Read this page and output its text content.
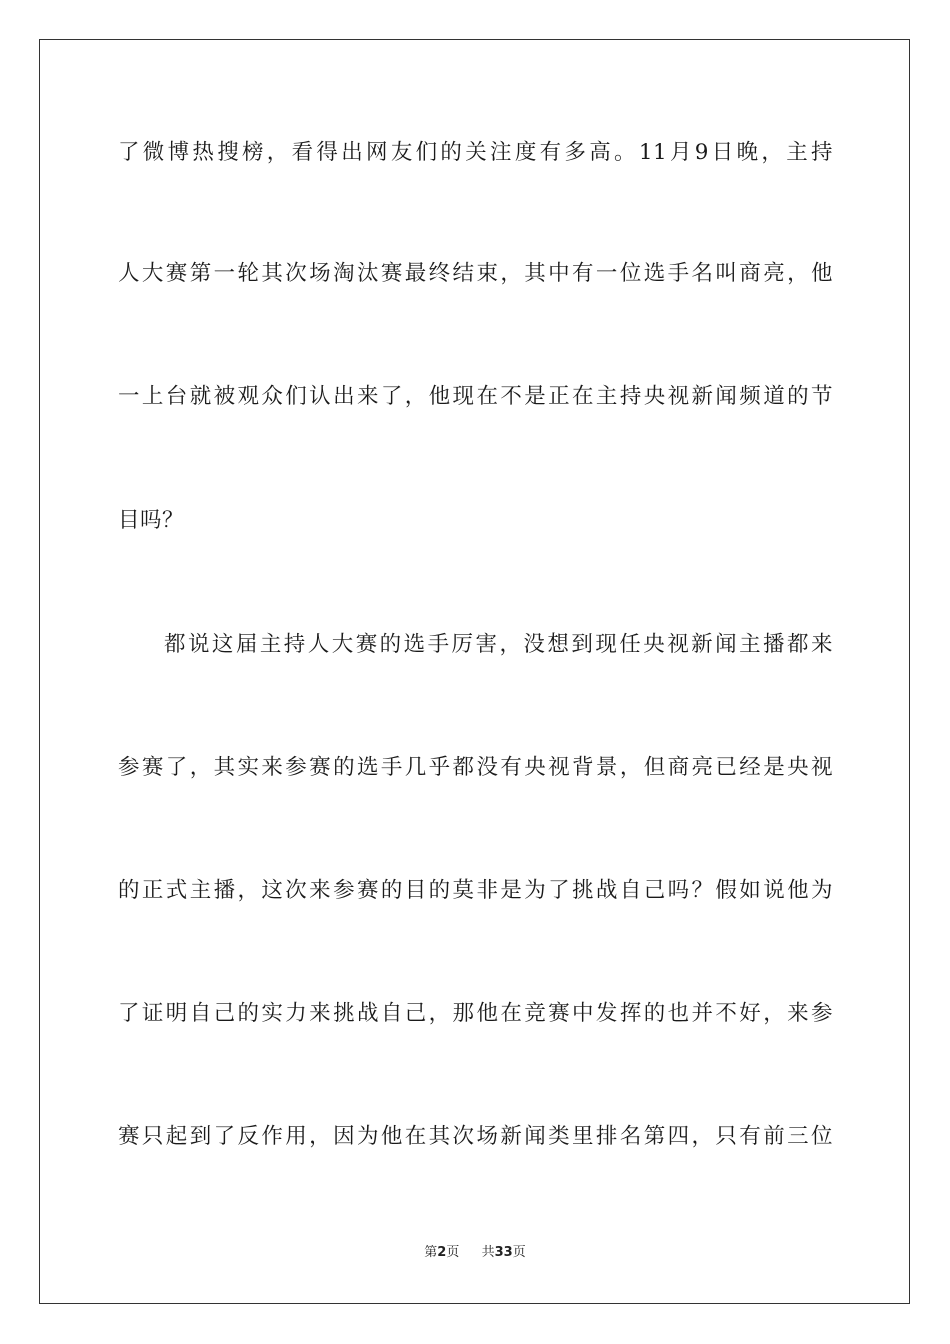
了微博热搜榜，看得出网友们的关注度有多高。11月9日晚，主持
人大赛第一轮其次场淘汰赛最终结束，其中有一位选手名叫商亮，他
一上台就被观众们认出来了，他现在不是正在主持央视新闻频道的节
目吗？
都说这届主持人大赛的选手厉害，没想到现任央视新闻主播都来
参赛了，其实来参赛的选手几乎都没有央视背景，但商亮已经是央视
的正式主播，这次来参赛的目的莫非是为了挑战自己吗？假如说他为
了证明自己的实力来挑战自己，那他在竞赛中发挥的也并不好，来参
赛只起到了反作用，因为他在其次场新闻类里排名第四，只有前三位
第2页 共33页
